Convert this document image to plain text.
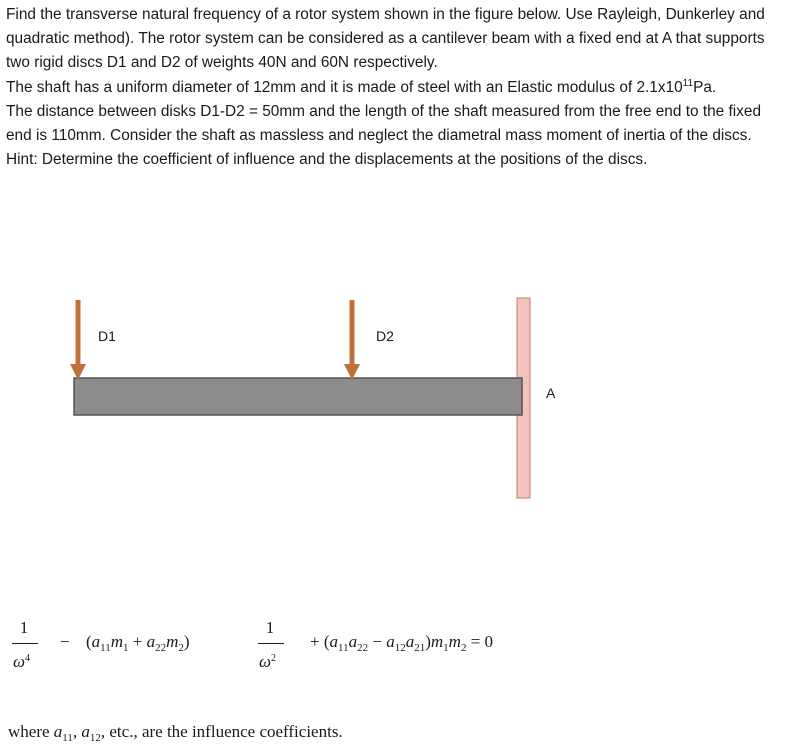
Find the transverse natural frequency of a rotor system shown in the figure below. Use Rayleigh, Dunkerley and quadratic method). The rotor system can be considered as a cantilever beam with a fixed end at A that supports two rigid discs D1 and D2 of weights 40N and 60N respectively.

The shaft has a uniform diameter of 12mm and it is made of steel with an Elastic modulus of $2.1x10^{11}Pa$.

The distance between disks D1-D2 = 50mm and the length of the shaft measured from the free end to the fixed end is 110mm. Consider the shaft as massless and neglect the diametral mass moment of inertia of the discs.

Hint: Determine the coefficient of influence and the displacements at the positions of the discs.

D1	D2
A
1
$\omega^4$
− $(a_{11}m_1 + a_{22}m_2)$
1
$\omega^2$
+ $(a_{11}a_{22} - a_{12}a_{21})m_1m_2 = 0$
where $a_{11}$, $a_{12}$, etc., are the influence coefficients.
